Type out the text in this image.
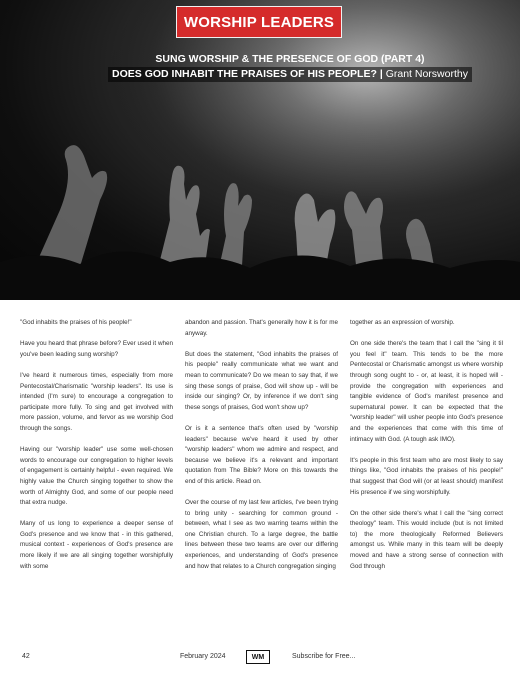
WORSHIP LEADERS
SUNG WORSHIP & THE PRESENCE OF GOD (PART 4)
DOES GOD INHABIT THE PRAISES OF HIS PEOPLE? | Grant Norsworthy

"God inhabits the praises of his people!"

Have you heard that phrase before? Ever used it when you've been leading sung worship?

I've heard it numerous times, especially from more Pentecostal/Charismatic "worship leaders". Its use is intended (I'm sure) to encourage a congregation to participate more fully. To sing and get involved with more passion, volume, and fervor as we worship God through the songs.

Having our "worship leader" use some well-chosen words to encourage our congregation to higher levels of engagement is certainly helpful - even required. We highly value the Church singing together to show the worth of Almighty God, and some of our people need that extra nudge.

Many of us long to experience a deeper sense of God's presence and we know that - in this gathered, musical context - experiences of God's presence are more likely if we are all singing together worshipfully with some

abandon and passion. That's generally how it is for me anyway.

But does the statement, "God inhabits the praises of his people" really communicate what we want and mean to communicate? Do we mean to say that, if we sing these songs of praise, God will show up - will be inside our singing? Or, by inference if we don't sing these songs of praises, God won't show up?

Or is it a sentence that's often used by "worship leaders" because we've heard it used by other "worship leaders" whom we admire and respect, and because we believe it's a relevant and important quotation from The Bible? More on this towards the end of this article. Read on.

Over the course of my last few articles, I've been trying to bring unity - searching for common ground - between, what I see as two warring teams within the one Christian church. To a large degree, the battle lines between these two teams are over our differing experiences, and understanding of God's presence and how that relates to a Church congregation singing

together as an expression of worship.

On one side there's the team that I call the "sing it til you feel it" team. This tends to be the more Pentecostal or Charismatic amongst us where worship through song ought to - or, at least, it is hoped will - provide the congregation with experiences and tangible evidence of God's manifest presence and supernatural power. It can be expected that the "worship leader" will usher people into God's presence and the experiences that come with this time of intimacy with God. (A tough ask IMO).

It's people in this first team who are most likely to say things like, "God inhabits the praises of his people!" that suggest that God will (or at least should) manifest His presence if we sing worshipfully.

On the other side there's what I call the "sing correct theology" team. This would include (but is not limited to) the more theologically Reformed Believers amongst us. While many in this team will be deeply moved and have a strong sense of connection with God through

42	February 2024	WM	Subscribe for Free...
